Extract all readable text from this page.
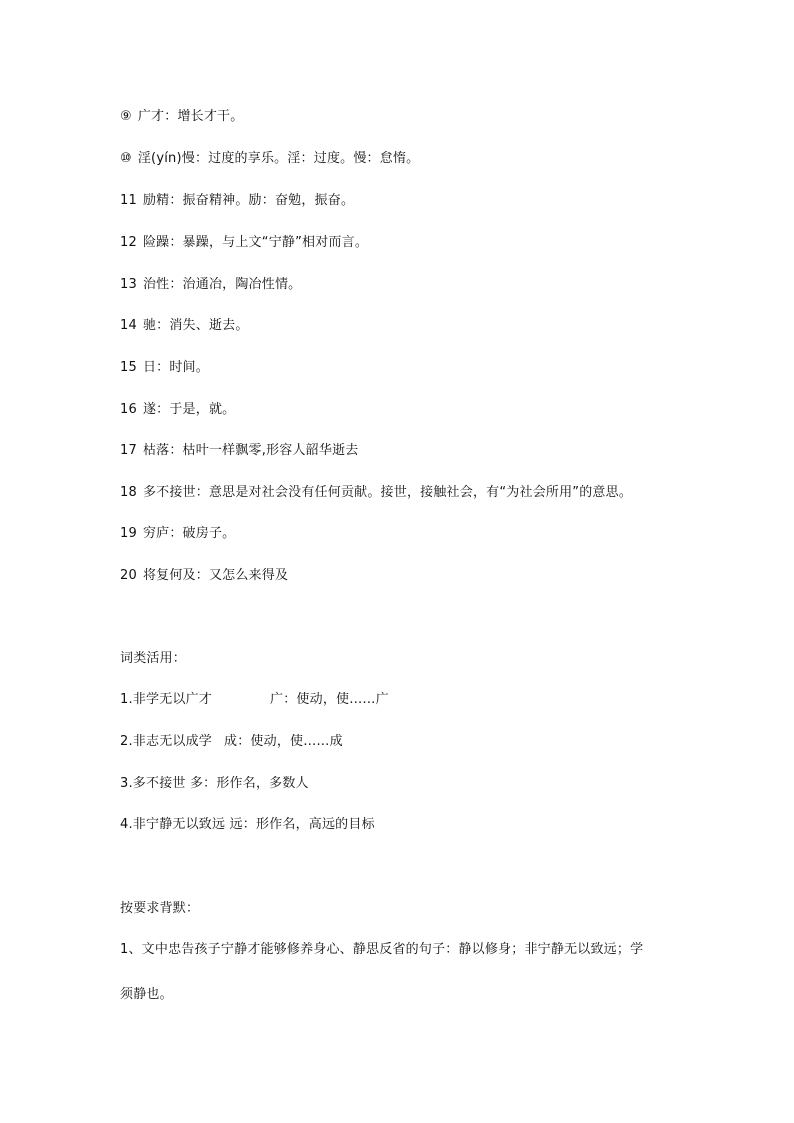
⑨ 广才：增长才干。
⑩ 淫(yín)慢：过度的享乐。淫：过度。慢：怠惰。
11 励精：振奋精神。励：奋勉，振奋。
12 险躁：暴躁，与上文“宁静”相对而言。
13 治性：治通冶，陶冶性情。
14 驰：消失、逝去。
15 日：时间。
16 遂：于是，就。
17 枯落：枯叶一样飘零,形容人韶华逝去
18 多不接世：意思是对社会没有任何贡献。接世，接触社会，有“为社会所用”的意思。
19 穷庐：破房子。
20 将复何及：又怎么来得及
词类活用：
1.非学无以广才	广：使动，使……广
2.非志无以成学 成：使动，使……成
3.多不接世 多：形作名，多数人
4.非宁静无以致远 远：形作名，高远的目标
按要求背默：
1、文中忠告孩子宁静才能够修养身心、静思反省的句子：静以修身；非宁静无以致远；学
须静也。
